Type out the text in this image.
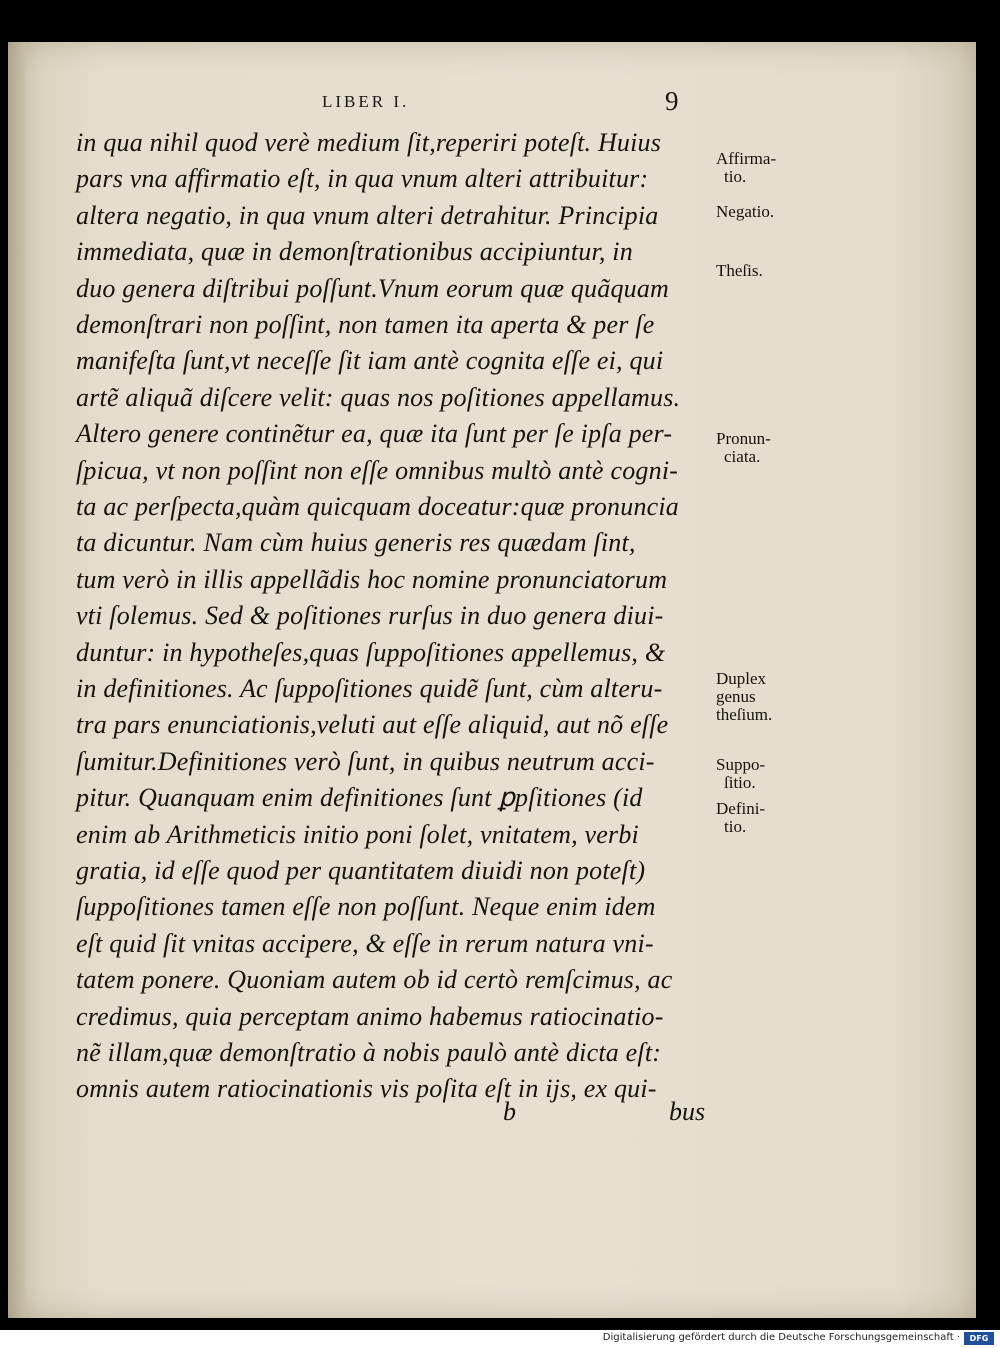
LIBER I.	9
in qua nihil quod verè medium ſit,reperiri poteſt. Huius
pars vna affirmatio eſt, in qua vnum alteri attribuitur:
altera negatio, in qua vnum alteri detrahitur. Principia
immediata, quæ in demonſtrationibus accipiuntur, in
duo genera diſtribui poſſunt.Vnum eorum quæ quãquam
demonſtrari non poſſint, non tamen ita aperta & per ſe
manifeſta ſunt,vt neceſſe ſit iam antè cognita eſſe ei, qui
artẽ aliquã diſcere velit: quas nos poſitiones appellamus.
Altero genere continẽtur ea, quæ ita ſunt per ſe ipſa per-
ſpicua, vt non poſſint non eſſe omnibus multò antè cogni-
ta ac perſpecta,quàm quicquam doceatur:quæ pronuncia
ta dicuntur. Nam cùm huius generis res quædam ſint,
tum verò in illis appellãdis hoc nomine pronunciatorum
vti ſolemus. Sed & poſitiones rurſus in duo genera diui-
duntur: in hypotheſes,quas ſuppoſitiones appellemus, &
in definitiones. Ac ſuppoſitiones quidẽ ſunt, cùm alteru-
tra pars enunciationis,veluti aut eſſe aliquid, aut nõ eſſe
ſumitur.Definitiones verò ſunt, in quibus neutrum acci-
pitur. Quanquam enim definitiones ſunt ꝑpſitiones (id
enim ab Arithmeticis initio poni ſolet, vnitatem, verbi
gratia, id eſſe quod per quantitatem diuidi non poteſt)
ſuppoſitiones tamen eſſe non poſſunt. Neque enim idem
eſt quid ſit vnitas accipere, & eſſe in rerum natura vni-
tatem ponere. Quoniam autem ob id certò remſcimus, ac
credimus, quia perceptam animo habemus ratiocinatio-
nẽ illam,quæ demonſtratio à nobis paulò antè dicta eſt:
omnis autem ratiocinationis vis poſita eſt in ijs, ex qui-
Affirma-
tio.
Negatio.
Theſis.
Pronun-
ciata.
Duplex
genus
theſium.
Suppo-
ſitio.
Defini-
tio.
b	bus
Digitalisierung gefördert durch die Deutsche Forschungsgemeinschaft ·	DFG
